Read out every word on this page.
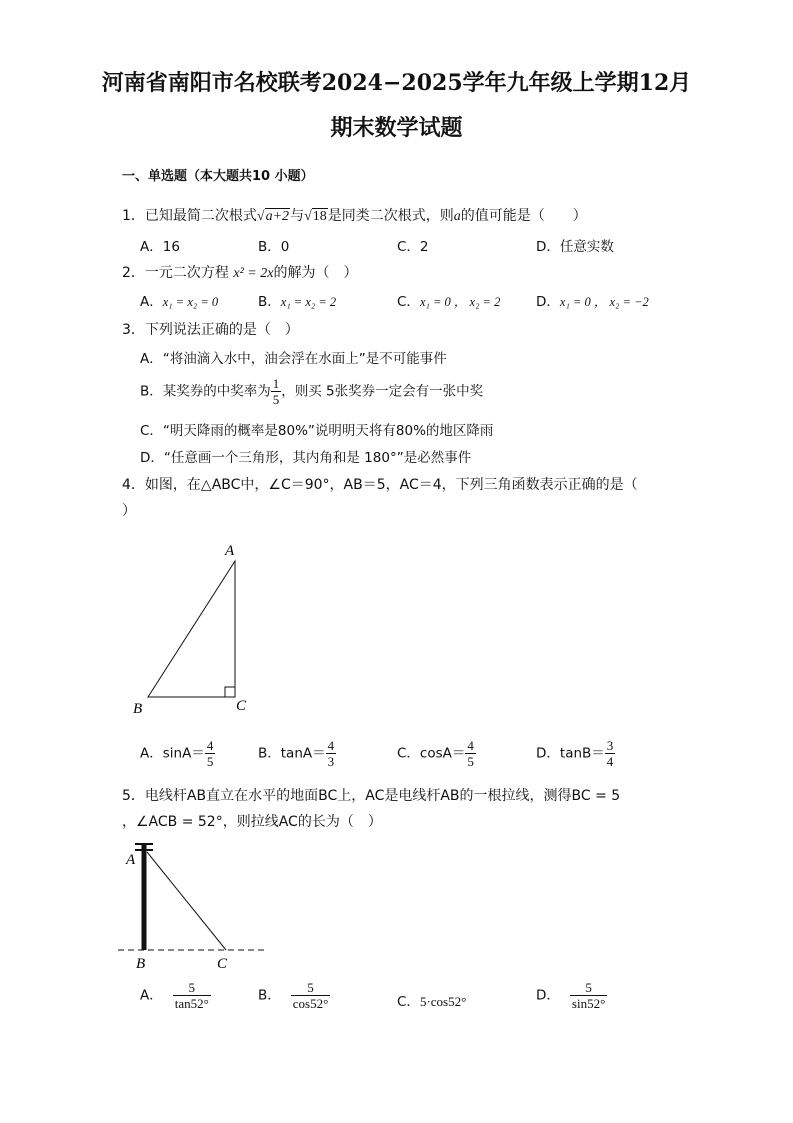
河南省南阳市名校联考2024−2025学年九年级上学期12月
期末数学试题
一、单选题（本大题共10 小题）
1．已知最简二次根式√a+2与√18是同类二次根式，则a的值可能是（　　）
A．16	B．0	C．2	D．任意实数
2．一元二次方程 x² = 2x的解为（　）
A．x₁ = x₂ = 0	B．x₁ = x₂ = 2	C．x₁ = 0 ， x₂ = 2	D．x₁ = 0 ， x₂ = −2
3．下列说法正确的是（　）
A．“将油滴入水中，油会浮在水面上”是不可能事件
B．某奖券的中奖率为 $\frac{1}{5}$ ，则买 5张奖券一定会有一张中奖
C．“明天降雨的概率是80%”说明明天将有80%的地区降雨
D．“任意画一个三角形，其内角和是 180°”是必然事件
4．如图，在△ABC中，∠C＝90°，AB＝5，AC＝4，下列三角函数表示正确的是（
）
A
B	C
A．$\sin A= \frac{4}{5}$	B．$\tan A= \frac{4}{3}$	C．$\cos A= \frac{4}{5}$	D．$\tan B= \frac{3}{4}$
5．电线杆AB直立在水平的地面BC上，AC是电线杆AB的一根拉线，测得BC = 5
，∠ACB = 52°，则拉线AC的长为（　）
A
B	C
A． $\frac{5}{\tan 52^\circ}$	B． $\frac{5}{\cos 52^\circ}$	C．5·cos52°	D． $\frac{5}{\sin 52^\circ}$
